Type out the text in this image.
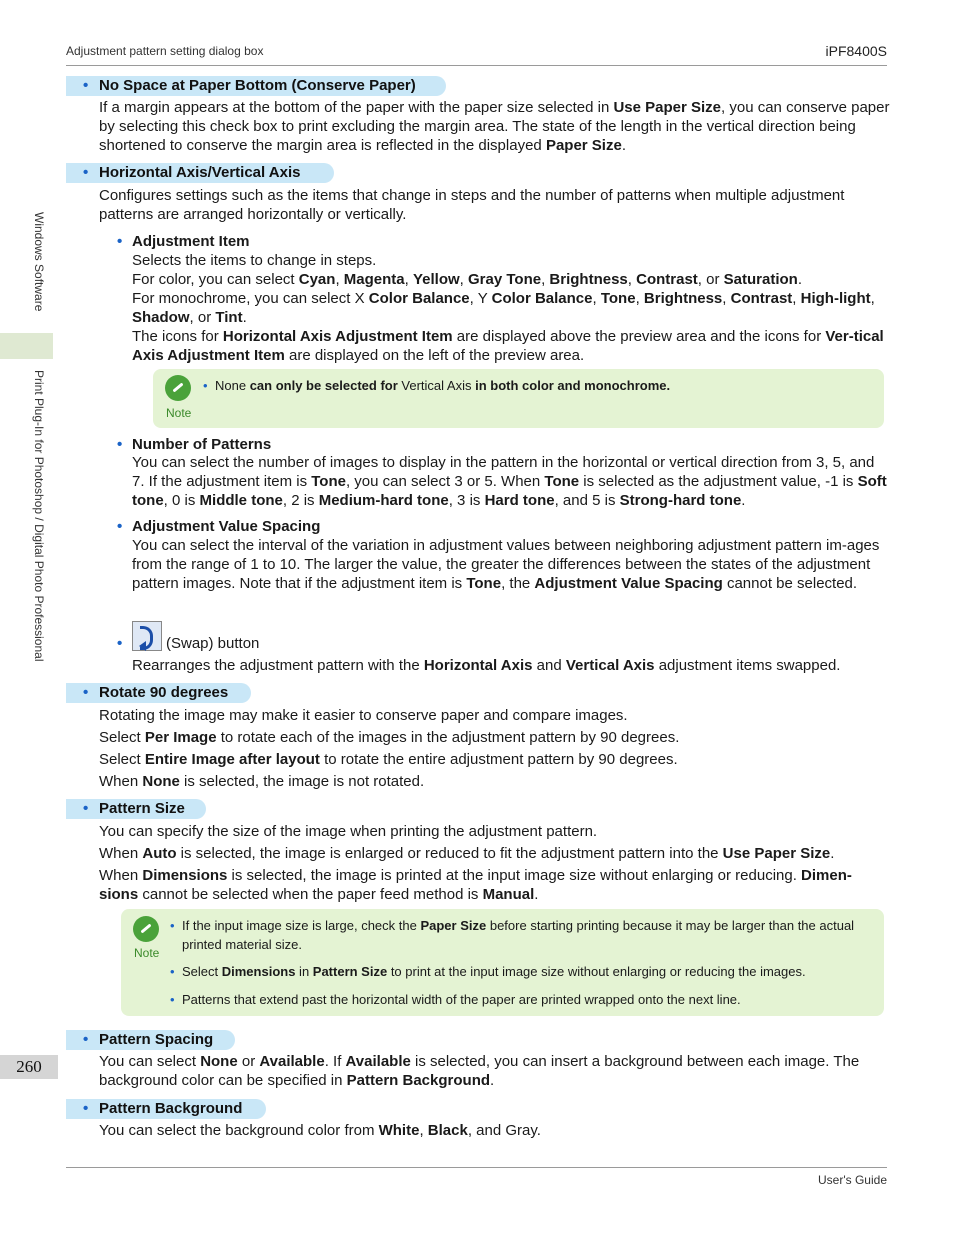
Adjustment pattern setting dialog box	iPF8400S
Windows Software
Print Plug-In for Photoshop / Digital Photo Professional
260
User's Guide
• No Space at Paper Bottom (Conserve Paper)
If a margin appears at the bottom of the paper with the paper size selected in Use Paper Size, you can conserve paper by selecting this check box to print excluding the margin area. The state of the length in the vertical direction being shortened to conserve the margin area is reflected in the displayed Paper Size.
• Horizontal Axis/Vertical Axis
Configures settings such as the items that change in steps and the number of patterns when multiple adjustment patterns are arranged horizontally or vertically.
• Adjustment Item
Selects the items to change in steps.
For color, you can select Cyan, Magenta, Yellow, Gray Tone, Brightness, Contrast, or Saturation.
For monochrome, you can select X Color Balance, Y Color Balance, Tone, Brightness, Contrast, High-light, Shadow, or Tint.
The icons for Horizontal Axis Adjustment Item are displayed above the preview area and the icons for Ver-tical Axis Adjustment Item are displayed on the left of the preview area.
Note
• None can only be selected for Vertical Axis in both color and monochrome.
• Number of Patterns
You can select the number of images to display in the pattern in the horizontal or vertical direction from 3, 5, and 7. If the adjustment item is Tone, you can select 3 or 5. When Tone is selected as the adjustment value, -1 is Soft tone, 0 is Middle tone, 2 is Medium-hard tone, 3 is Hard tone, and 5 is Strong-hard tone.
• Adjustment Value Spacing
You can select the interval of the variation in adjustment values between neighboring adjustment pattern im-ages from the range of 1 to 10. The larger the value, the greater the differences between the states of the adjustment pattern images. Note that if the adjustment item is Tone, the Adjustment Value Spacing cannot be selected.
•	(Swap) button
Rearranges the adjustment pattern with the Horizontal Axis and Vertical Axis adjustment items swapped.
• Rotate 90 degrees
Rotating the image may make it easier to conserve paper and compare images.
Select Per Image to rotate each of the images in the adjustment pattern by 90 degrees.
Select Entire Image after layout to rotate the entire adjustment pattern by 90 degrees.
When None is selected, the image is not rotated.
• Pattern Size
You can specify the size of the image when printing the adjustment pattern.
When Auto is selected, the image is enlarged or reduced to fit the adjustment pattern into the Use Paper Size.
When Dimensions is selected, the image is printed at the input image size without enlarging or reducing. Dimen-sions cannot be selected when the paper feed method is Manual.
Note
• If the input image size is large, check the Paper Size before starting printing because it may be larger than the actual printed material size.
• Select Dimensions in Pattern Size to print at the input image size without enlarging or reducing the images.
• Patterns that extend past the horizontal width of the paper are printed wrapped onto the next line.
• Pattern Spacing
You can select None or Available. If Available is selected, you can insert a background between each image. The background color can be specified in Pattern Background.
• Pattern Background
You can select the background color from White, Black, and Gray.
